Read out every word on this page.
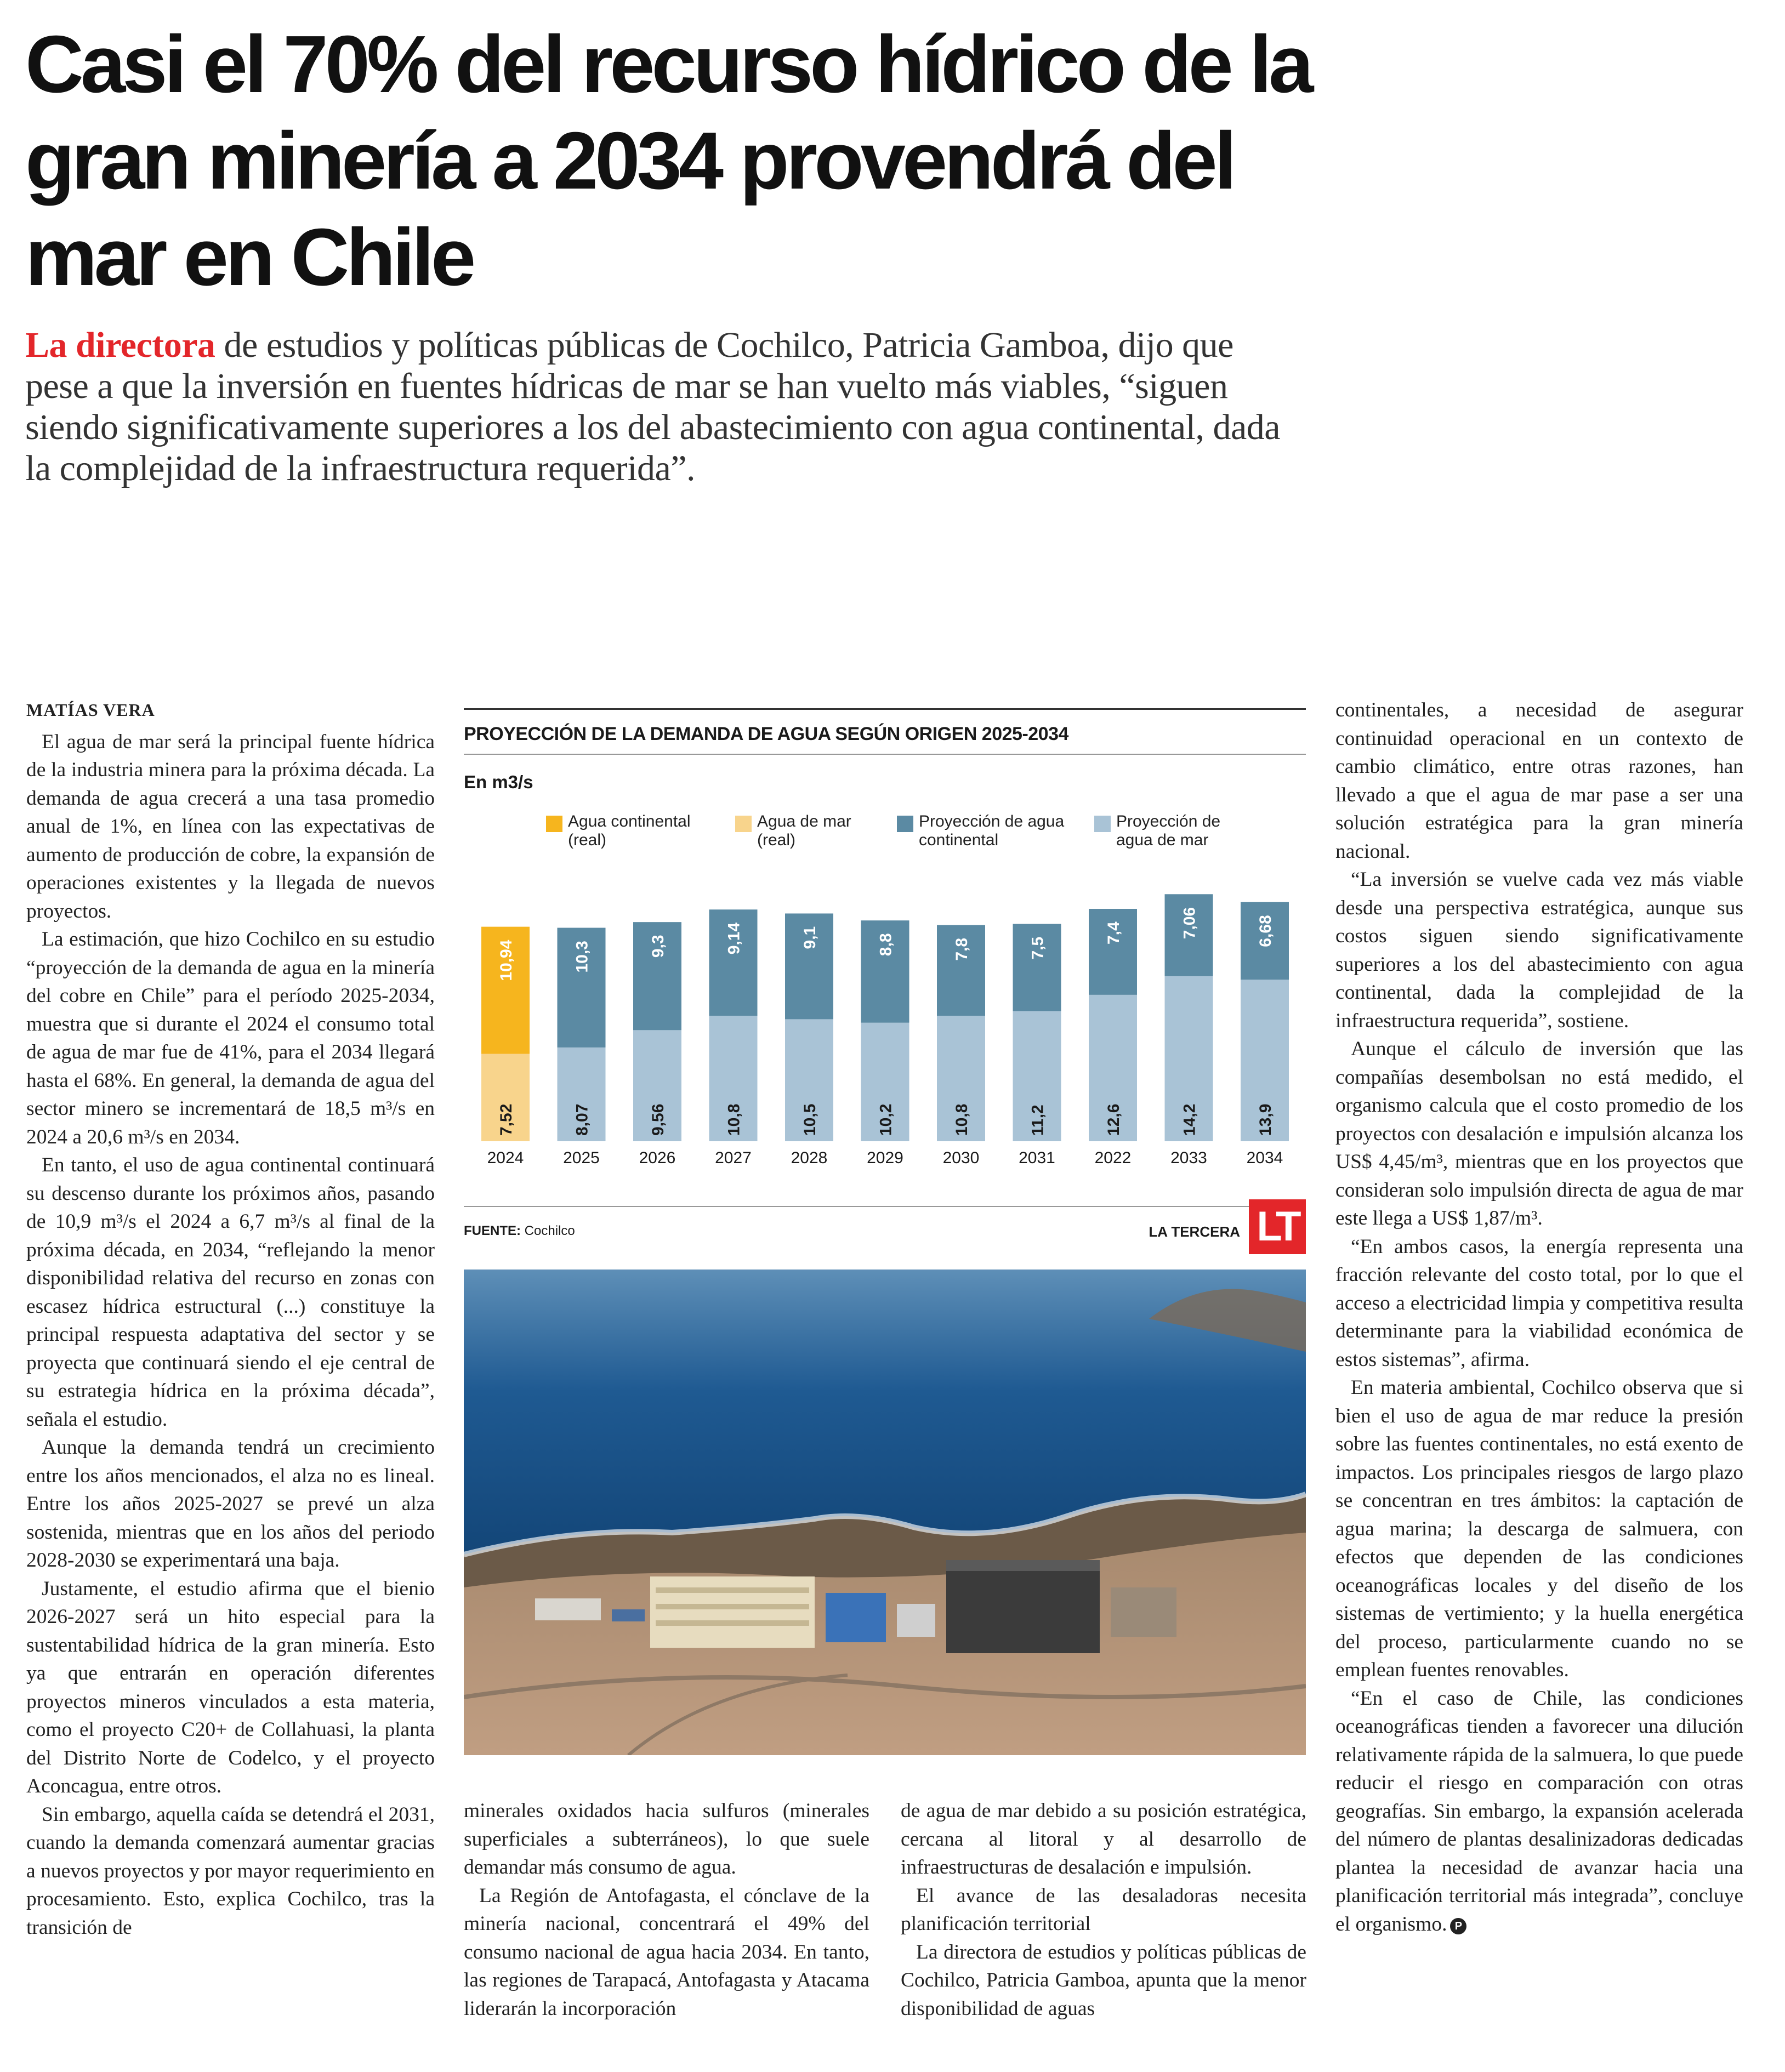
Casi el 70% del recurso hídrico de la gran minería a 2034 provendrá del mar en Chile

La directora de estudios y políticas públicas de Cochilco, Patricia Gamboa, dijo que pese a que la inversión en fuentes hídricas de mar se han vuelto más viables, “siguen siendo significativamente superiores a los del abastecimiento con agua continental, dada la complejidad de la infraestructura requerida”.

MATÍAS VERA

El agua de mar será la principal fuente hídrica de la industria minera para la próxima década. La demanda de agua crecerá a una tasa promedio anual de 1%, en línea con las expectativas de aumento de producción de cobre, la expansión de operaciones existentes y la llegada de nuevos proyectos.

La estimación, que hizo Cochilco en su estudio “proyección de la demanda de agua en la minería del cobre en Chile” para el período 2025-2034, muestra que si durante el 2024 el consumo total de agua de mar fue de 41%, para el 2034 llegará hasta el 68%. En general, la demanda de agua del sector minero se incrementará de 18,5 m³/s en 2024 a 20,6 m³/s en 2034.

En tanto, el uso de agua continental continuará su descenso durante los próximos años, pasando de 10,9 m³/s el 2024 a 6,7 m³/s al final de la próxima década, en 2034, “reflejando la menor disponibilidad relativa del recurso en zonas con escasez hídrica estructural (...) constituye la principal respuesta adaptativa del sector y se proyecta que continuará siendo el eje central de su estrategia hídrica en la próxima década”, señala el estudio.

Aunque la demanda tendrá un crecimiento entre los años mencionados, el alza no es lineal. Entre los años 2025-2027 se prevé un alza sostenida, mientras que en los años del periodo 2028-2030 se experimentará una baja.

Justamente, el estudio afirma que el bienio 2026-2027 será un hito especial para la sustentabilidad hídrica de la gran minería. Esto ya que entrarán en operación diferentes proyectos mineros vinculados a esta materia, como el proyecto C20+ de Collahuasi, la planta del Distrito Norte de Codelco, y el proyecto Aconcagua, entre otros.

Sin embargo, aquella caída se detendrá el 2031, cuando la demanda comenzará aumentar gracias a nuevos proyectos y por mayor requerimiento en procesamiento. Esto, explica Cochilco, tras la transición de

PROYECCIÓN DE LA DEMANDA DE AGUA SEGÚN ORIGEN 2025-2034
En m3/s
Agua continental (real)
Agua de mar (real)
Proyección de agua continental
Proyección de agua de mar
7,52
10,94
2024
8,07
10,3
2025
9,56
9,3
2026
10,8
9,14
2027
10,5
9,1
2028
10,2
8,8
2029
10,8
7,8
2030
11,2
7,5
2031
12,6
7,4
2022
14,2
7,06
2033
13,9
6,68
2034
FUENTE: Cochilco	LA TERCERA LT

minerales oxidados hacia sulfuros (minerales superficiales a subterráneos), lo que suele demandar más consumo de agua.

La Región de Antofagasta, el cónclave de la minería nacional, concentrará el 49% del consumo nacional de agua hacia 2034. En tanto, las regiones de Tarapacá, Antofagasta y Atacama liderarán la incorporación

de agua de mar debido a su posición estratégica, cercana al litoral y al desarrollo de infraestructuras de desalación e impulsión.

El avance de las desaladoras necesita planificación territorial

La directora de estudios y políticas públicas de Cochilco, Patricia Gamboa, apunta que la menor disponibilidad de aguas

continentales, a necesidad de asegurar continuidad operacional en un contexto de cambio climático, entre otras razones, han llevado a que el agua de mar pase a ser una solución estratégica para la gran minería nacional.

“La inversión se vuelve cada vez más viable desde una perspectiva estratégica, aunque sus costos siguen siendo significativamente superiores a los del abastecimiento con agua continental, dada la complejidad de la infraestructura requerida”, sostiene.

Aunque el cálculo de inversión que las compañías desembolsan no está medido, el organismo calcula que el costo promedio de los proyectos con desalación e impulsión alcanza los US$ 4,45/m³, mientras que en los proyectos que consideran solo impulsión directa de agua de mar este llega a US$ 1,87/m³.

“En ambos casos, la energía representa una fracción relevante del costo total, por lo que el acceso a electricidad limpia y competitiva resulta determinante para la viabilidad económica de estos sistemas”, afirma.

En materia ambiental, Cochilco observa que si bien el uso de agua de mar reduce la presión sobre las fuentes continentales, no está exento de impactos. Los principales riesgos de largo plazo se concentran en tres ámbitos: la captación de agua marina; la descarga de salmuera, con efectos que dependen de las condiciones oceanográficas locales y del diseño de los sistemas de vertimiento; y la huella energética del proceso, particularmente cuando no se emplean fuentes renovables.

“En el caso de Chile, las condiciones oceanográficas tienden a favorecer una dilución relativamente rápida de la salmuera, lo que puede reducir el riesgo en comparación con otras geografías. Sin embargo, la expansión acelerada del número de plantas desalinizadoras dedicadas plantea la necesidad de avanzar hacia una planificación territorial más integrada”, concluye el organismo. P
